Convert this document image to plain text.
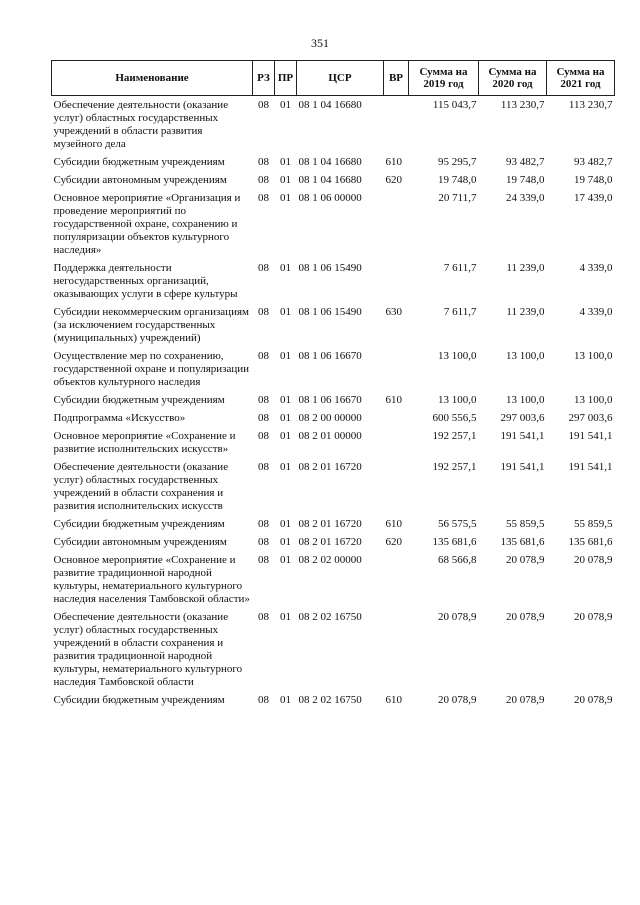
351
Наименование	РЗ	ПР	ЦСР	ВР	Сумма на 2019 год	Сумма на 2020 год	Сумма на 2021 год
Обеспечение деятельности (оказание услуг) областных государственных учреждений в области развития музейного дела	08	01	08 1 04 16680		115 043,7	113 230,7	113 230,7
Субсидии бюджетным учреждениям	08	01	08 1 04 16680	610	95 295,7	93 482,7	93 482,7
Субсидии автономным учреждениям	08	01	08 1 04 16680	620	19 748,0	19 748,0	19 748,0
Основное мероприятие «Организация и проведение мероприятий по государственной охране, сохранению и популяризации объектов культурного наследия»	08	01	08 1 06 00000		20 711,7	24 339,0	17 439,0
Поддержка деятельности негосударственных организаций, оказывающих услуги в сфере культуры	08	01	08 1 06 15490		7 611,7	11 239,0	4 339,0
Субсидии некоммерческим организациям (за исключением государственных (муниципальных) учреждений)	08	01	08 1 06 15490	630	7 611,7	11 239,0	4 339,0
Осуществление мер по сохранению, государственной охране и популяризации объектов культурного наследия	08	01	08 1 06 16670		13 100,0	13 100,0	13 100,0
Субсидии бюджетным учреждениям	08	01	08 1 06 16670	610	13 100,0	13 100,0	13 100,0
Подпрограмма «Искусство»	08	01	08 2 00 00000		600 556,5	297 003,6	297 003,6
Основное мероприятие «Сохранение и развитие исполнительских искусств»	08	01	08 2 01 00000		192 257,1	191 541,1	191 541,1
Обеспечение деятельности (оказание услуг) областных государственных учреждений в области сохранения и развития исполнительских искусств	08	01	08 2 01 16720		192 257,1	191 541,1	191 541,1
Субсидии бюджетным учреждениям	08	01	08 2 01 16720	610	56 575,5	55 859,5	55 859,5
Субсидии автономным учреждениям	08	01	08 2 01 16720	620	135 681,6	135 681,6	135 681,6
Основное мероприятие «Сохранение и развитие традиционной народной культуры, нематериального культурного наследия населения Тамбовской области»	08	01	08 2 02 00000		68 566,8	20 078,9	20 078,9
Обеспечение деятельности (оказание услуг) областных государственных учреждений в области сохранения и развития традиционной народной культуры, нематериального культурного наследия Тамбовской области	08	01	08 2 02 16750		20 078,9	20 078,9	20 078,9
Субсидии бюджетным учреждениям	08	01	08 2 02 16750	610	20 078,9	20 078,9	20 078,9
